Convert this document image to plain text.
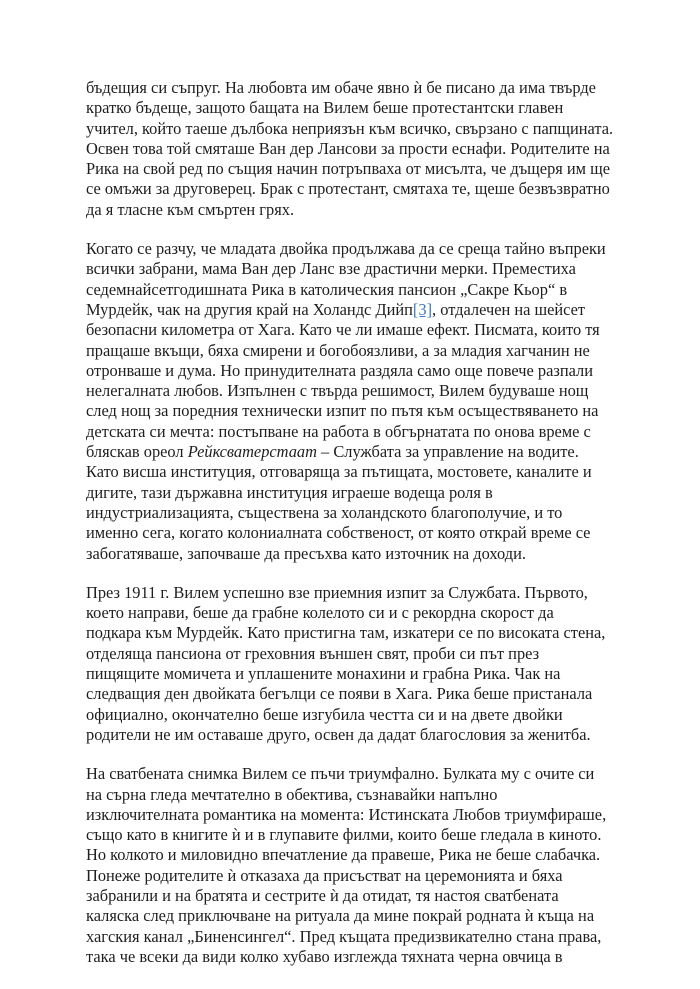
бъдещия си съпруг. На любовта им обаче явно ѝ бе писано да има твърде
кратко бъдеще, защото бащата на Вилем беше протестантски главен
учител, който таеше дълбока неприязън към всичко, свързано с папщината.
Освен това той смяташе Ван дер Лансови за прости еснафи. Родителите на
Рика на свой ред по същия начин потръпваха от мисълта, че дъщеря им ще
се омъжи за друговерец. Брак с протестант, смятаха те, щеше безвъзвратно
да я тласне към смъртен грях.

Когато се разчу, че младата двойка продължава да се среща тайно въпреки
всички забрани, мама Ван дер Ланс взе драстични мерки. Преместиха
седемнайсетгодишната Рика в католическия пансион „Сакре Кьор“ в
Мурдейк, чак на другия край на Холандс Дийп[3], отдалечен на шейсет
безопасни километра от Хага. Като че ли имаше ефект. Писмата, които тя
пращаше вкъщи, бяха смирени и богобоязливи, а за младия хагчанин не
отронваше и дума. Но принудителната раздяла само още повече разпали
нелегалната любов. Изпълнен с твърда решимост, Вилем будуваше нощ
след нощ за поредния технически изпит по пътя към осъществяването на
детската си мечта: постъпване на работа в обгърнатата по онова време с
бляскав ореол Рейксватерстаат – Службата за управление на водите.
Като висша институция, отговаряща за пътищата, мостовете, каналите и
дигите, тази държавна институция играеше водеща роля в
индустриализацията, съществена за холандското благополучие, и то
именно сега, когато колониалната собственост, от която открай време се
забогатяваше, започваше да пресъхва като източник на доходи.

През 1911 г. Вилем успешно взе приемния изпит за Службата. Първото,
което направи, беше да грабне колелото си и с рекордна скорост да
подкара към Мурдейк. Като пристигна там, изкатери се по високата стена,
отделяща пансиона от греховния външен свят, проби си път през
пищящите момичета и уплашените монахини и грабна Рика. Чак на
следващия ден двойката бегълци се появи в Хага. Рика беше пристанала
официално, окончателно беше изгубила честта си и на двете двойки
родители не им оставаше друго, освен да дадат благословия за женитба.

На сватбената снимка Вилем се пъчи триумфално. Булката му с очите си
на сърна гледа мечтателно в обектива, съзнавайки напълно
изключителната романтика на момента: Истинската Любов триумфираше,
също като в книгите ѝ и в глупавите филми, които беше гледала в киното.
Но колкото и миловидно впечатление да правеше, Рика не беше слабачка.
Понеже родителите ѝ отказаха да присъстват на церемонията и бяха
забранили и на братята и сестрите ѝ да отидат, тя настоя сватбената
каляска след приключване на ритуала да мине покрай родната ѝ къща на
хагския канал „Биненсингел“. Пред къщата предизвикателно стана права,
така че всеки да види колко хубаво изглежда тяхната черна овчица в
